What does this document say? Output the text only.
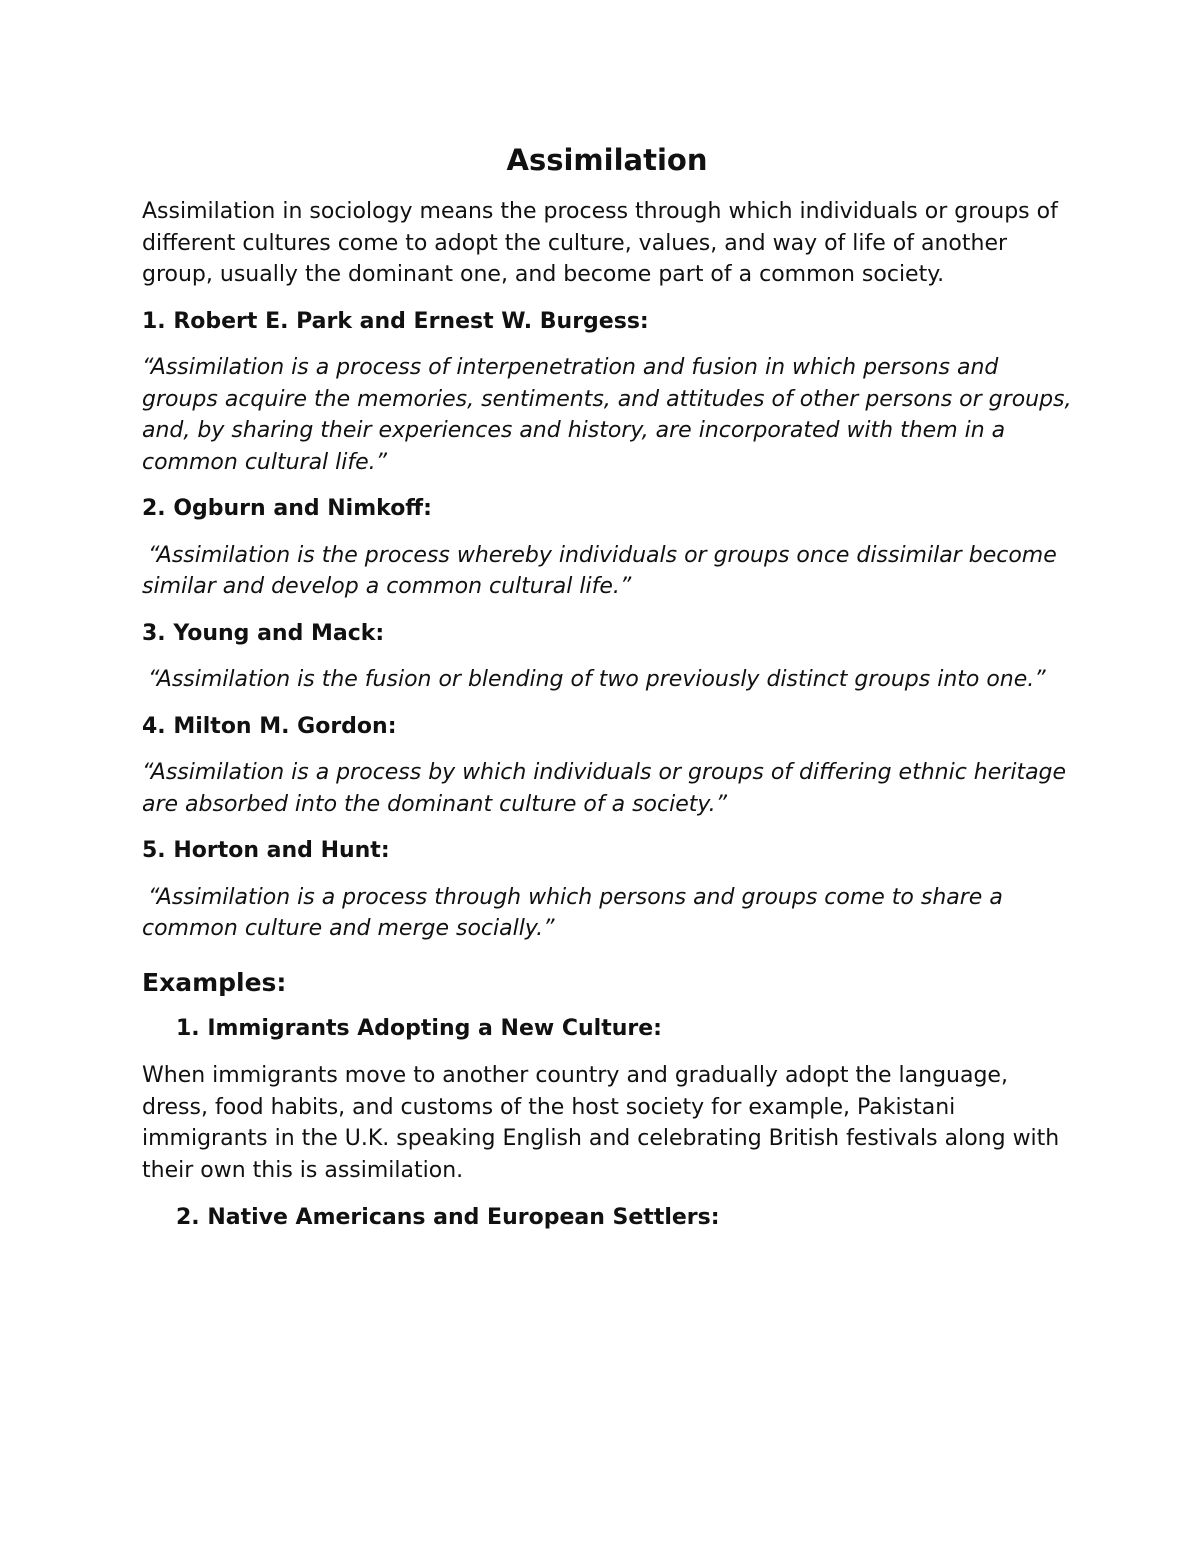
Assimilation

Assimilation in sociology means the process through which individuals or groups of different cultures come to adopt the culture, values, and way of life of another group, usually the dominant one, and become part of a common society.

1. Robert E. Park and Ernest W. Burgess:

“Assimilation is a process of interpenetration and fusion in which persons and groups acquire the memories, sentiments, and attitudes of other persons or groups, and, by sharing their experiences and history, are incorporated with them in a common cultural life.”

2. Ogburn and Nimkoff:

“Assimilation is the process whereby individuals or groups once dissimilar become similar and develop a common cultural life.”

3. Young and Mack:

“Assimilation is the fusion or blending of two previously distinct groups into one.”

4. Milton M. Gordon:

“Assimilation is a process by which individuals or groups of differing ethnic heritage are absorbed into the dominant culture of a society.”

5. Horton and Hunt:

“Assimilation is a process through which persons and groups come to share a common culture and merge socially.”

Examples:

1. Immigrants Adopting a New Culture:

When immigrants move to another country and gradually adopt the language, dress, food habits, and customs of the host society for example, Pakistani immigrants in the U.K. speaking English and celebrating British festivals along with their own this is assimilation.

2. Native Americans and European Settlers:
